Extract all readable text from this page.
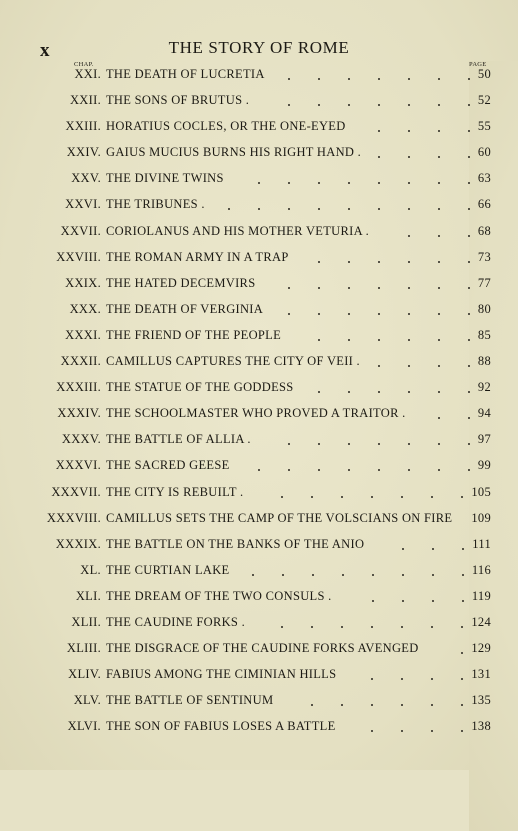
x	THE STORY OF ROME
CHAP.	PAGE
XXI. THE DEATH OF LUCRETIA	50
XXII. THE SONS OF BRUTUS .	52
XXIII. HORATIUS COCLES, OR THE ONE-EYED	55
XXIV. GAIUS MUCIUS BURNS HIS RIGHT HAND .	60
XXV. THE DIVINE TWINS	63
XXVI. THE TRIBUNES .	66
XXVII. CORIOLANUS AND HIS MOTHER VETURIA .	68
XXVIII. THE ROMAN ARMY IN A TRAP	73
XXIX. THE HATED DECEMVIRS	77
XXX. THE DEATH OF VERGINIA	80
XXXI. THE FRIEND OF THE PEOPLE	85
XXXII. CAMILLUS CAPTURES THE CITY OF VEII .	88
XXXIII. THE STATUE OF THE GODDESS	92
XXXIV. THE SCHOOLMASTER WHO PROVED A TRAITOR .	94
XXXV. THE BATTLE OF ALLIA .	97
XXXVI. THE SACRED GEESE	99
XXXVII. THE CITY IS REBUILT .	105
XXXVIII. CAMILLUS SETS THE CAMP OF THE VOLSCIANS ON FIRE 109
XXXIX. THE BATTLE ON THE BANKS OF THE ANIO	111
XL. THE CURTIAN LAKE	116
XLI. THE DREAM OF THE TWO CONSULS .	119
XLII. THE CAUDINE FORKS .	124
XLIII. THE DISGRACE OF THE CAUDINE FORKS AVENGED	129
XLIV. FABIUS AMONG THE CIMINIAN HILLS	131
XLV. THE BATTLE OF SENTINUM	135
XLVI. THE SON OF FABIUS LOSES A BATTLE	138
